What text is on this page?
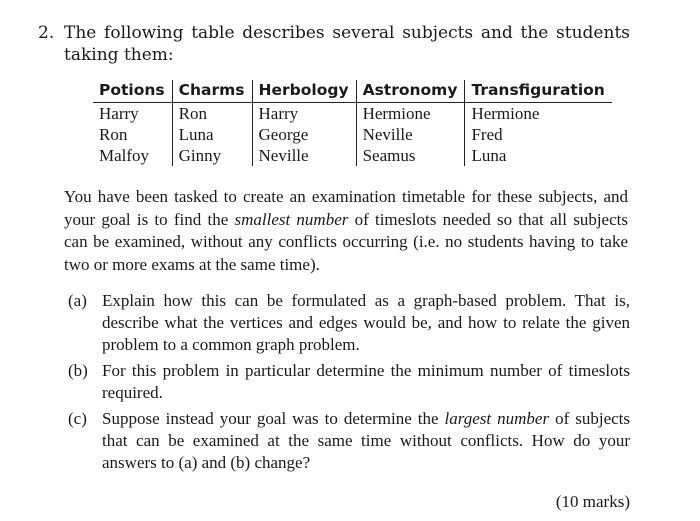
2. The following table describes several subjects and the students taking them:
Potions	Charms	Herbology	Astronomy	Transfiguration
Harry	Ron	Harry	Hermione	Hermione
Ron	Luna	George	Neville	Fred
Malfoy	Ginny	Neville	Seamus	Luna
You have been tasked to create an examination timetable for these subjects, and your goal is to find the smallest number of timeslots needed so that all subjects can be examined, without any conflicts occurring (i.e. no students having to take two or more exams at the same time).
(a) Explain how this can be formulated as a graph-based problem. That is, describe what the vertices and edges would be, and how to relate the given problem to a common graph problem.
(b) For this problem in particular determine the minimum number of timeslots required.
(c) Suppose instead your goal was to determine the largest number of subjects that can be examined at the same time without conflicts. How do your answers to (a) and (b) change?
(10 marks)
